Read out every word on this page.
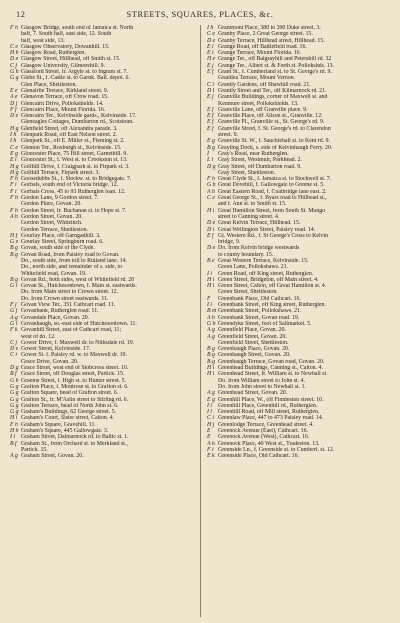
12	STREETS, SQUARES, PLACES, &c.
F h Glasgow Bridge, south end of Jamaica st. North
half, 7. South half, east side, 12. South
half, west side, 13.
C e Glasgow Observatory, Dowanhill. 15.
H h Glasgow Road, Rutherglen.
D e Glasgow Street, Hillhead, off Smith st. 15.
C f Glasgow University, Gilmorehill. 9.
G h Glassford Street, fr. Argyle st. to Ingram st. 7.
G g Glebe St., f. Castle st. to Garnk. Bail. depot. 6.
Glen Place, Shettleston.
E e Glenairlie Terrace, Kirkland street. 9.
A e Glenavon Terrace, off Crow road. 15.
D j Glencairn Drive, Pollokshields. 14.
F f Glencairn Place, Mount Florida. 16.
D e Glencairn Ter., Kelvinside gards., Kelvinside. 17.
Gleneagles Cottages, Dumbarton rd., Scotstoun.
H g Glenfield Street, off Alexandra parade. 3.
I h Glenpark Road, off East Nelson street. 2.
I h Glenpark St., off E. Miller st., Fleming st. 2.
C e Glenton Ter., Roxburgh st., Kelvinside. 15.
E g Gloucester Place, 75 Hill street, Garnethill. 9.
E i Gloucester St., f. West st. to Crookston st. 13.
H g Golfhill Drive, f. Craigpark st. to Firpark st. 3.
H g Golfhill Terrace, Firpark street. 3.
F h Goosedubbs St., f. Stockw. st. to Bridgegate. 7.
F i Gorbals, south end of Victoria bridge. 12.
F i Gorbals Cross, 45 to 93 Rutherglen loan. 12.
F h Gordon Lane, 9 Gordon street. 7.
Gordon Place, Govan. 20.
F h Gordon Street, fr. Buchanan st. to Hope st. 7.
A h Gordon Street, Govan. 20.
Gordon Street, Whiteinch.
Gordon Terrace, Shettleston.
H f Gourlay Place, off Garngadhill. 3.
G e Gourlay Street, Springburn road. 6.
B g Govan, south side of the Clyde.
B g Govan Road, from Paisley road to Govan.
Do., south side, from toll to Rutland lane. 14.
Do., north side, and remainder of s. side, to
Whitefield road, Govan. 19.
B g Govan Rd., both sides, west of Whitefield rd. 20
G i Govan St., Hutchesontown, f. Main st. eastwards.
Do. from Main street to Crown street. 12.
Do. from Crown street eastwards. 11.
F j Govan View Ter., 351 Cathcart road. 11.
G j Govanbank, Rutherglen road. 11.
A g Govandale Place, Govan. 20.
G i Govanhaugh, so.-east side of Hutchesontown. 11.
F k Govanhill Street, east of Cathcart road, 11;
west of do. 12.
C j Gower Drive, f. Maxwell dr. to Nithsdale rd. 19.
D e Gower Street, Kelvinside. 17.
C i Gower St. f. Paisley rd. w. to Maxwell dr. 19.
Grace Drive, Govan. 20.
D g Grace Street, west end of Stobcross street. 10.
B f Grace Street, off Douglas street, Partick. 15.
G h Graeme Street, f. High st. to Hunter street. 5.
G g Grafton Place, f. Montrose st. to Grafton st. 6.
G g Grafton Square, head of Grafton street. 6.
G g Grafton St., fr. M'Aslin street to Stirling rd. 6.
G g Grafton Terrace, head of North John st. 6.
G g Graham's Buildings, 62 George street. 5.
H i Graham's Court, Sister street, Calton. 4.
F h Graham's Square, Gravehill. 11.
H h Graham's Square, 445 Gallowgate. 3.
I i Graham Street, Dalmarnock rd. to Baltic st. 1.
B f Graham St., from Orchard st. to Merkland st.,
Partick. 15.
A g Graham Street, Govan. 20.
I h Grammont Place, 380 to 390 Duke street. 3.
C e Granby Place, 2 Great George street. 15.
D e Granby Terrace, Hillhead street, Hillhead. 15.
E i Grange Road, off Battlefield road. 16.
E i Grange Terrace, Mount Florida. 16.
H e Grange Ter., off Balgrayhill and Petershill rd. 32
E j Grange Ter., Albert st. & Forth st. Pollokshds. 13.
E f Grant St., f. Cumberland st. to St. George's rd. 9.
Grantlea Terrace, Mount Vernon.
C l Grantly Gardens, off Shawhill road. 21.
D l Grantly Street and Ter., off Kilmarnock rd. 21.
E j Granville Buildings, corner of Maxwell st. and
Kenmure street, Pollokshields. 13.
E f Granville Lane, off Granville place. 9.
E f Granville Place, off Alison st., Granville. 12.
E f Granville Pl., Granville st., St. George's rd. 9.
E f Granville Street, f. St. George's rd. to Clarendon
street. 9.
E g Granville St. W., f. Sauchiehall st. to Kent rd. 9.
B g Grayling Dock, s. side of Kelvinhaugh Ferry. 20.
I Gray's Road, near Rutherglen.
L i Gray Street, Westmuir, Parkhead. 2.
D g Gray Street, off Dumbarton road. 9.
Gray Street, Shettleston.
F h Great Clyde St., f. Jamaica st. to Stockwell st. 7.
G h Great Dovehill, f. Gallowgate to Greene st. 5.
A h Great Eastern Road, f. Coatbridge lane east. 2.
C e Great George St., f. Byars road to Hillhead st.,
and f. Ann st. to Smith st. 15.
H i Great Hamilton Street, from South St. Mungo
street to Canning street. 4.
D e Great Kelvin Terrace, Hillhead. 15.
D i Great Wellington Street, Paisley road. 14.
E f Gt. Western Rd., f. St George's Cross to Kelvin
bridge, 9.
D e Do. from Kelvin bridge westwards
to county boundary. 15.
B e Great Western Terrace, Kelvinside. 15.
Green Lane, Pollokshaws. 21.
I i Green Road, off King street, Rutherglen.
H i Green Street, Bridgeton, off Main street. 4.
H i Green Street, Calton, off Great Hamilton st. 4.
Green Street, Shettleston.
F Greenbank Place, Old Cathcart. 16.
I i Greenbank Street, off King street, Rutherglen.
B m Greenbank Street, Pollokshaws. 21.
A h Greenbank Street, Govan road. 19.
G h Greendyke Street, foot of Saltmarket. 5.
A g Greenfield Place, Govan. 20.
A g Greenfield Street, Govan. 20.
Greenfield Street, Shettleston.
B g Greenhaugh Place, Govan. 20.
B g Greenhaugh Street, Govan. 20.
B g Greenhaugh Terrace, Govan road, Govan. 20.
H i Greenhead Buildings, Canning st., Calton. 4.
H i Greenhead Street, fr. William st. to Newhall st.
Do. from William street to John st. 4.
Do. from John street to Newhall st. 1.
A g Greenhead Street, Govan. 20.
E g Greenhill Place, W., off Finnieston street. 10.
I i Greenhill Place, Greenhill rd., Rutherglen.
I i Greenhill Road, off Mill street, Rutherglen.
C i Greenlaw Place, 447 to 473 Paisley road. 14.
H j Greenlodge Terrace, Greenhead street. 4.
E Greenock Avenue (East), Cathcart. 16.
E Greenock Avenue (West), Cathcart. 16.
A h Greenock Place, 40 West st., Tradeston. 13.
F i Greenside Ln., f. Greenside st. to Cumberl. st. 12.
E k Greenside Place, Old Cathcart. 16.
